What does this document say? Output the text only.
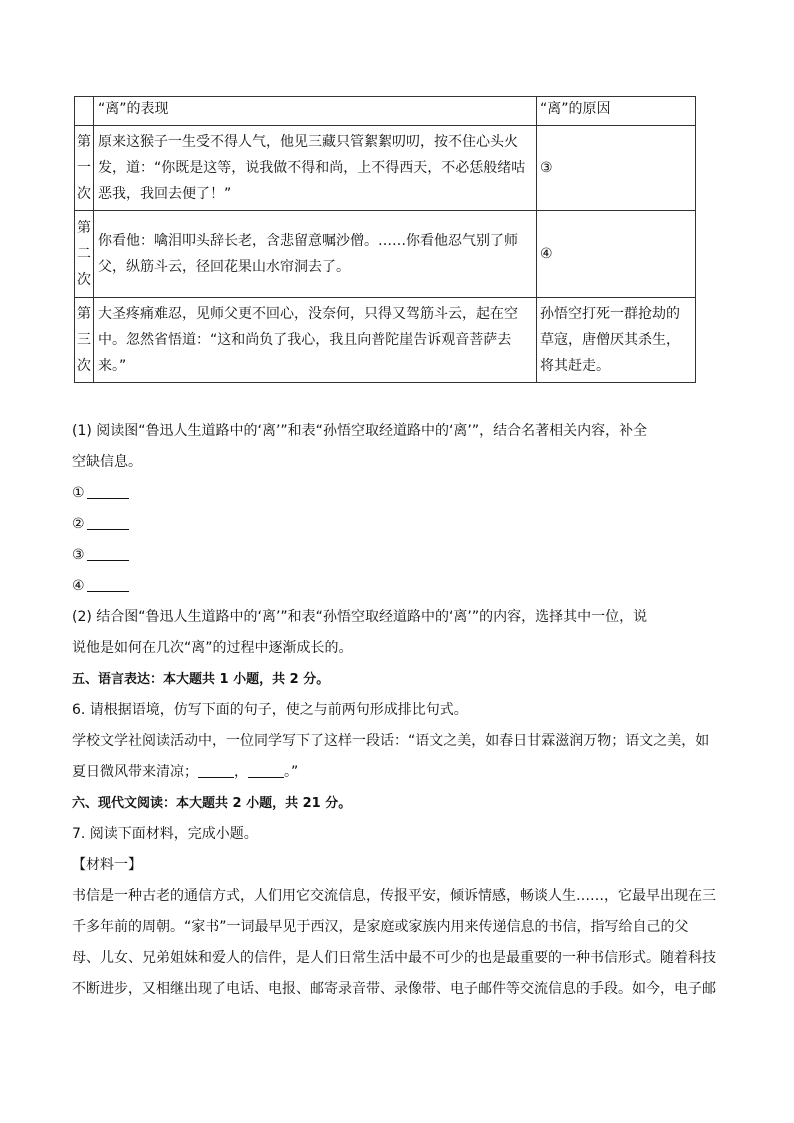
	“离”的表现	“离”的原因
第一次	原来这猴子一生受不得人气，他见三藏只管絮絮叨叨，按不住心头火发，道：“你既是这等，说我做不得和尚，上不得西天，不必恁般绪咕恶我，我回去便了！”	③
第二次	你看他：噙泪叩头辞长老，含悲留意嘱沙僧。……你看他忍气别了师父，纵筋斗云，径回花果山水帘洞去了。	④
第三次	大圣疼痛难忍，见师父更不回心，没奈何，只得又驾筋斗云，起在空中。忽然省悟道：“这和尚负了我心，我且向普陀崖告诉观音菩萨去来。”	孙悟空打死一群抢劫的草寇，唐僧厌其杀生，将其赶走。
(1) 阅读图“鲁迅人生道路中的‘离’”和表“孙悟空取经道路中的‘离’”，结合名著相关内容，补全
空缺信息。
①
②
③
④
(2) 结合图“鲁迅人生道路中的‘离’”和表“孙悟空取经道路中的‘离’”的内容，选择其中一位，说
说他是如何在几次“离”的过程中逐渐成长的。
五、语言表达：本大题共 1 小题，共 2 分。
6. 请根据语境，仿写下面的句子，使之与前两句形成排比句式。
学校文学社阅读活动中，一位同学写下了这样一段话：“语文之美，如春日甘霖滋润万物；语文之美，如
夏日微风带来清凉；	，	。”
六、现代文阅读：本大题共 2 小题，共 21 分。
7. 阅读下面材料，完成小题。
【材料一】
书信是一种古老的通信方式，人们用它交流信息，传报平安，倾诉情感，畅谈人生……，它最早出现在三
千多年前的周朝。“家书”一词最早见于西汉，是家庭或家族内用来传递信息的书信，指写给自己的父
母、儿女、兄弟姐妹和爱人的信件，是人们日常生活中最不可少的也是最重要的一种书信形式。随着科技
不断进步，又相继出现了电话、电报、邮寄录音带、录像带、电子邮件等交流信息的手段。如今，电子邮
